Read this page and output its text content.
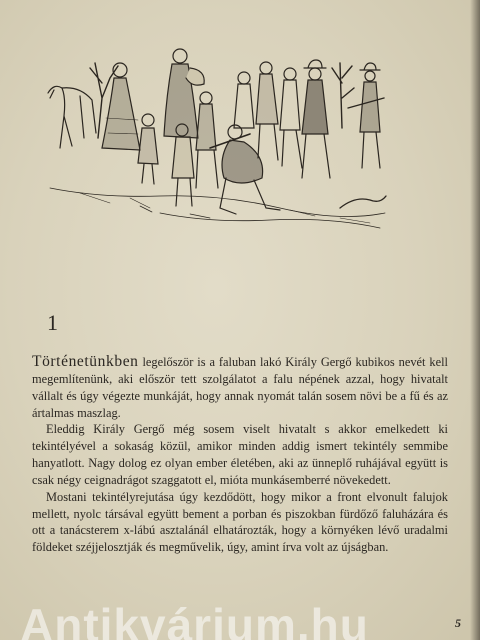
1

Történetünkben legelőször is a faluban lakó Király Gergő kubikos nevét kell megemlítenünk, aki először tett szolgálatot a falu népének azzal, hogy hivatalt vállalt és úgy végezte munkáját, hogy annak nyomát talán sosem növi be a fű és az ártalmas maszlag.

Eleddig Király Gergő még sosem viselt hivatalt s akkor emelkedett ki tekintélyével a sokaság közül, amikor minden addig ismert tekintély semmibe hanyatlott. Nagy dolog ez olyan ember életében, aki az ünneplő ruhájával együtt is csak négy ceignadrágot szaggatott el, mióta munkásemberré növekedett.

Mostani tekintélyrejutása úgy kezdődött, hogy mikor a front elvonult falujok mellett, nyolc társával együtt bement a porban és piszokban fürdőző faluházára és ott a tanácsterem x-lábú asztalánál elhatározták, hogy a környéken lévő uradalmi földeket széjjelosztják és megművelik, úgy, amint írva volt az újságban.

5
Antikvárium.hu
